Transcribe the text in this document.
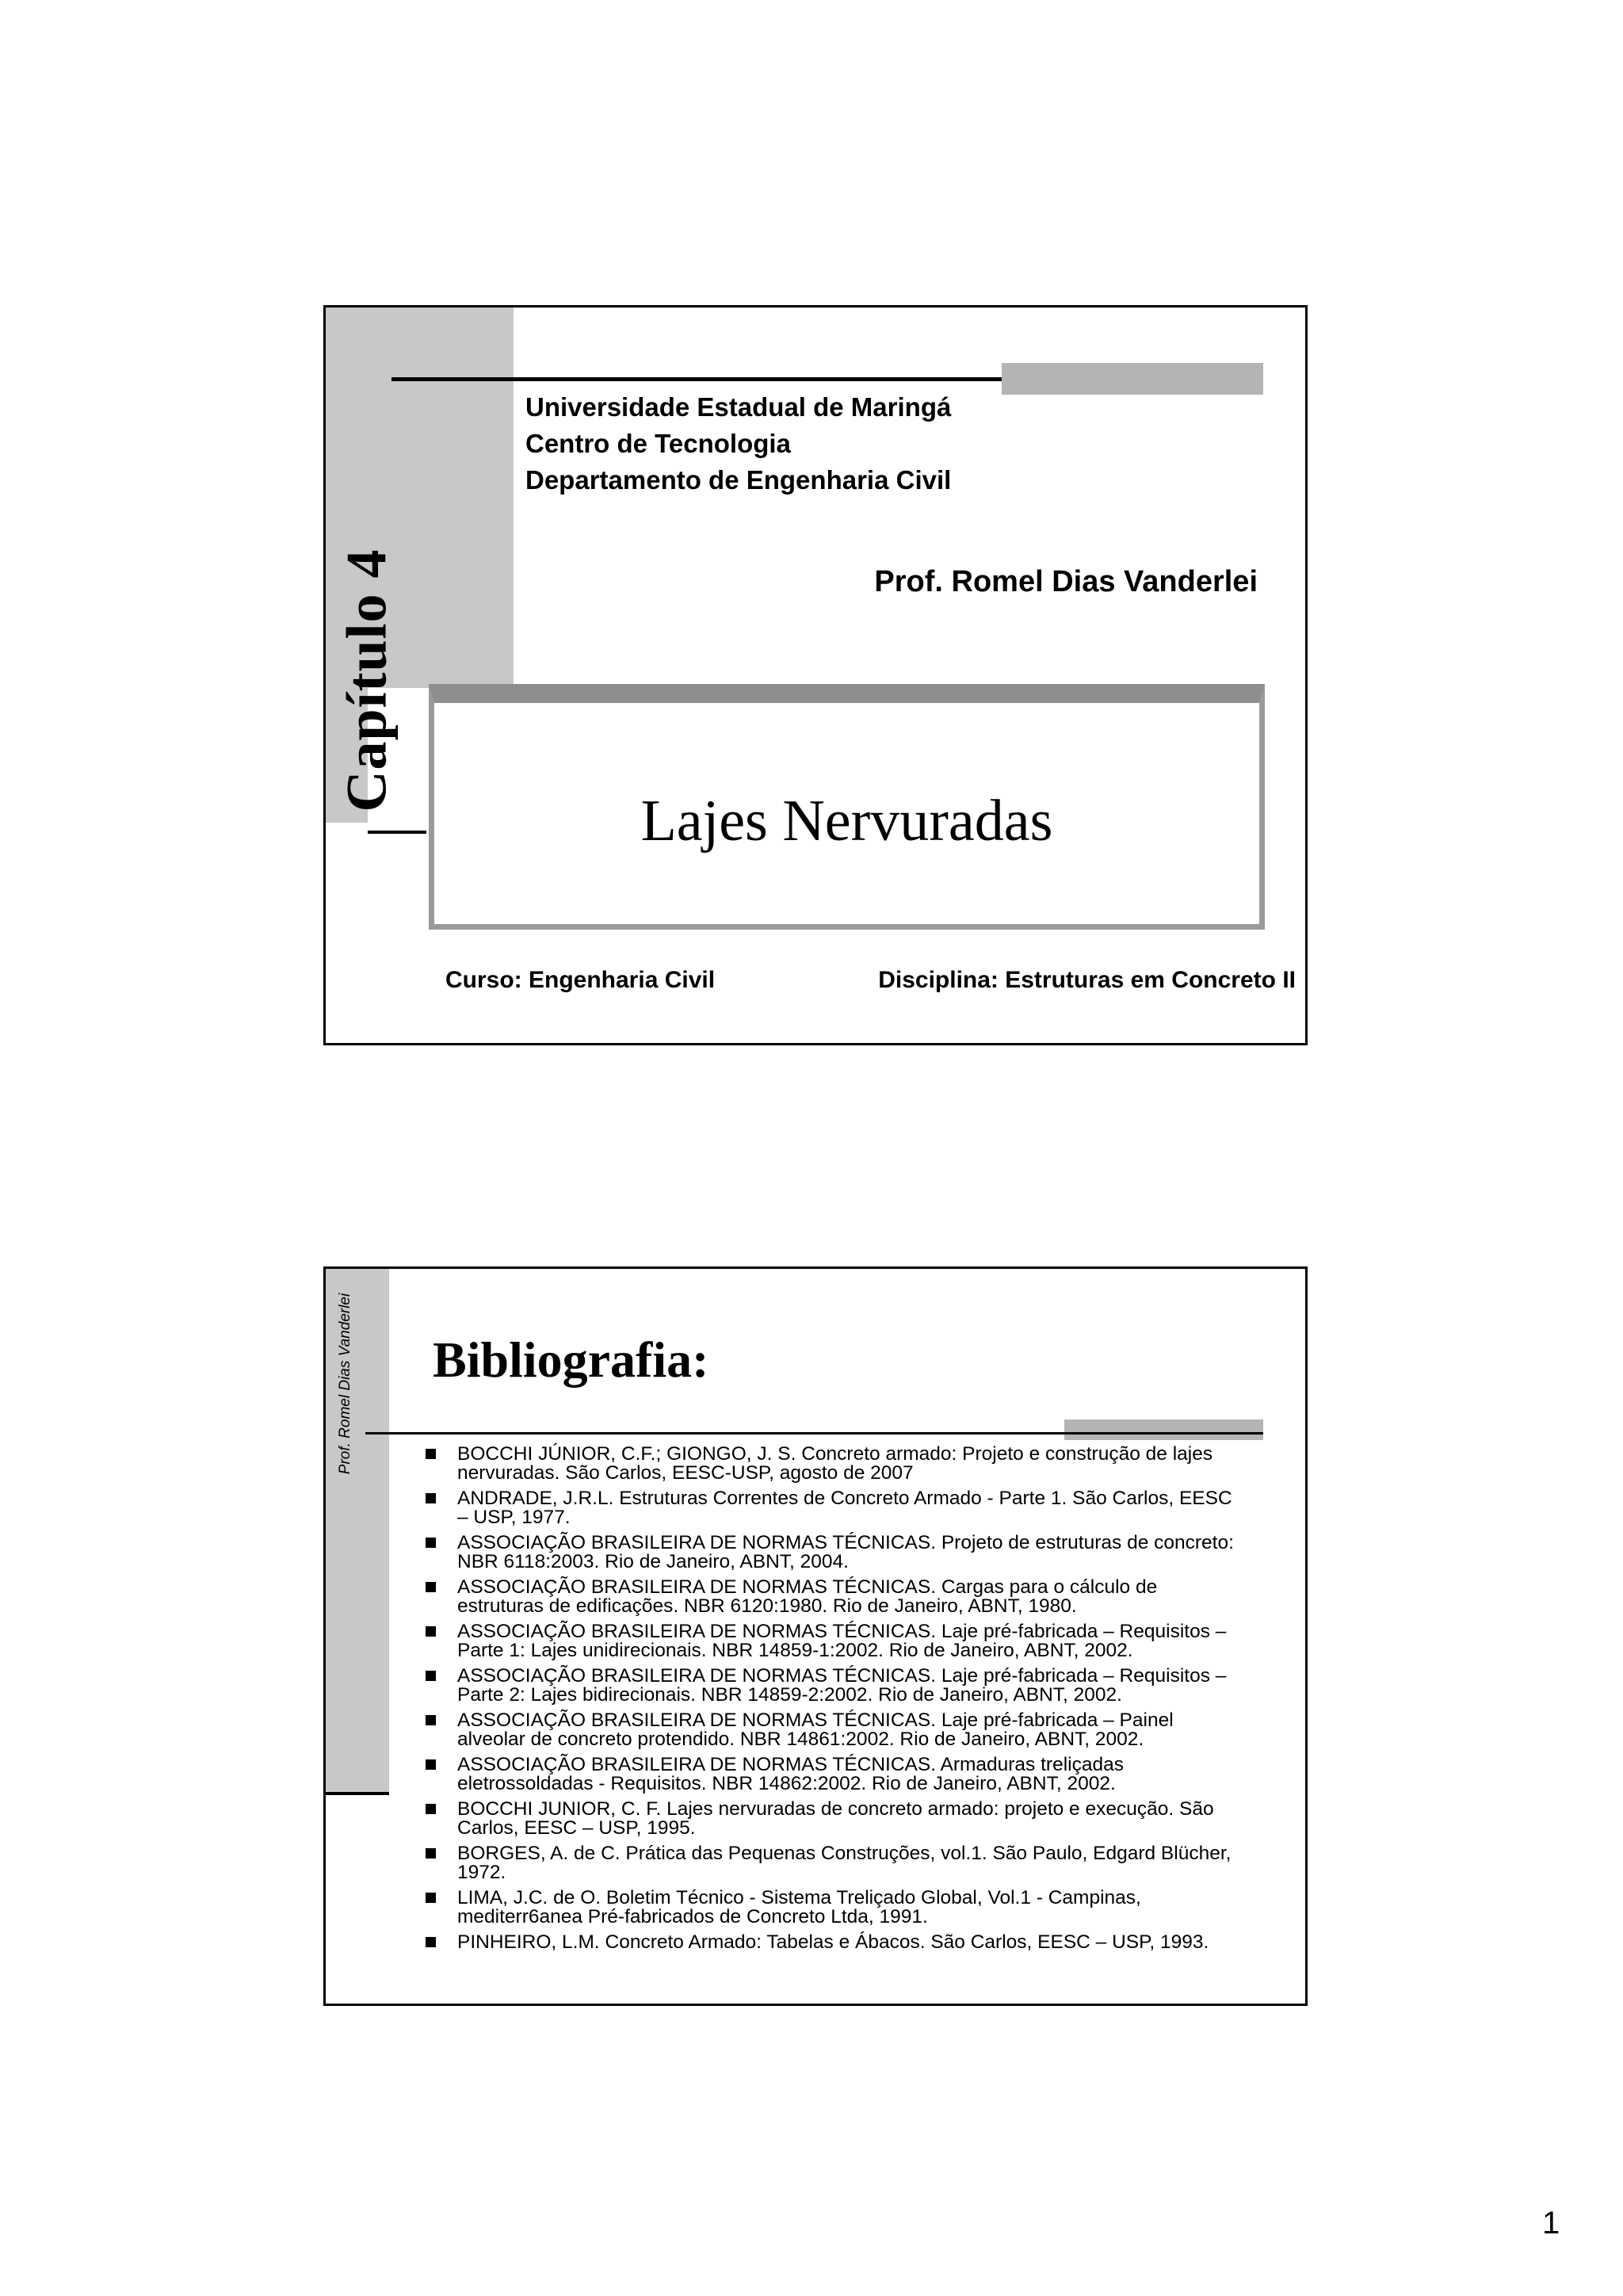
Capítulo 4
Universidade Estadual de Maringá
Centro de Tecnologia
Departamento de Engenharia Civil
Prof. Romel Dias Vanderlei
Lajes Nervuradas
Curso: Engenharia Civil	Disciplina: Estruturas em Concreto II
Prof. Romel Dias Vanderlei Bibliografia:
BOCCHI JÚNIOR, C.F.; GIONGO, J. S. Concreto armado: Projeto e construção de lajes
nervuradas. São Carlos, EESC-USP, agosto de 2007
ANDRADE, J.R.L. Estruturas Correntes de Concreto Armado - Parte 1. São Carlos, EESC
– USP, 1977.
ASSOCIAÇÃO BRASILEIRA DE NORMAS TÉCNICAS. Projeto de estruturas de concreto:
NBR 6118:2003. Rio de Janeiro, ABNT, 2004.
ASSOCIAÇÃO BRASILEIRA DE NORMAS TÉCNICAS. Cargas para o cálculo de
estruturas de edificações. NBR 6120:1980. Rio de Janeiro, ABNT, 1980.
ASSOCIAÇÃO BRASILEIRA DE NORMAS TÉCNICAS. Laje pré-fabricada – Requisitos –
Parte 1: Lajes unidirecionais. NBR 14859-1:2002. Rio de Janeiro, ABNT, 2002.
ASSOCIAÇÃO BRASILEIRA DE NORMAS TÉCNICAS. Laje pré-fabricada – Requisitos –
Parte 2: Lajes bidirecionais. NBR 14859-2:2002. Rio de Janeiro, ABNT, 2002.
ASSOCIAÇÃO BRASILEIRA DE NORMAS TÉCNICAS. Laje pré-fabricada – Painel
alveolar de concreto protendido. NBR 14861:2002. Rio de Janeiro, ABNT, 2002.
ASSOCIAÇÃO BRASILEIRA DE NORMAS TÉCNICAS. Armaduras treliçadas
eletrossoldadas - Requisitos. NBR 14862:2002. Rio de Janeiro, ABNT, 2002.
BOCCHI JUNIOR, C. F. Lajes nervuradas de concreto armado: projeto e execução. São
Carlos, EESC – USP, 1995.
BORGES, A. de C. Prática das Pequenas Construções, vol.1. São Paulo, Edgard Blücher,
1972.
LIMA, J.C. de O. Boletim Técnico - Sistema Treliçado Global, Vol.1 - Campinas,
mediterr6anea Pré-fabricados de Concreto Ltda, 1991.
PINHEIRO, L.M. Concreto Armado: Tabelas e Ábacos. São Carlos, EESC – USP, 1993.
1
